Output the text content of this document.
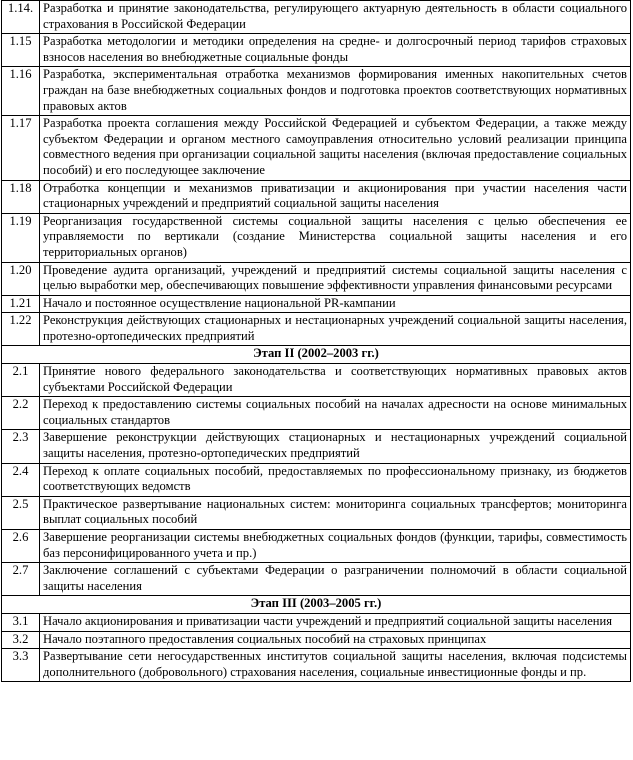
1.14.	Разработка и принятие законодательства, регулирующего актуарную деятельность в области социального страхования в Российской Федерации
1.15	Разработка методологии и методики определения на средне- и долгосрочный период тарифов страховых взносов населения во внебюджетные социальные фонды
1.16	Разработка, экспериментальная отработка механизмов формирования именных накопительных счетов граждан на базе внебюджетных социальных фондов и подготовка проектов соответствующих нормативных правовых актов
1.17	Разработка проекта соглашения между Российской Федерацией и субъектом Федерации, а также между субъектом Федерации и органом местного самоуправления относительно условий реализации принципа совместного ведения при организации социальной защиты населения (включая предоставление социальных пособий) и его последующее заключение
1.18	Отработка концепции и механизмов приватизации и акционирования при участии населения части стационарных учреждений и предприятий социальной защиты населения
1.19	Реорганизация государственной системы социальной защиты населения с целью обеспечения ее управляемости по вертикали (создание Министерства социальной защиты населения и его территориальных органов)
1.20	Проведение аудита организаций, учреждений и предприятий системы социальной защиты населения с целью выработки мер, обеспечивающих повышение эффективности управления финансовыми ресурсами
1.21	Начало и постоянное осуществление национальной PR-кампании
1.22	Реконструкция действующих стационарных и нестационарных учреждений социальной защиты населения, протезно-ортопедических предприятий
Этап II (2002–2003 гг.)	
2.1	Принятие нового федерального законодательства и соответствующих нормативных правовых актов субъектами Российской Федерации
2.2	Переход к предоставлению системы социальных пособий на началах адресности на основе минимальных социальных стандартов
2.3	Завершение реконструкции действующих стационарных и нестационарных учреждений социальной защиты населения, протезно-ортопедических предприятий
2.4	Переход к оплате социальных пособий, предоставляемых по профессиональному признаку, из бюджетов соответствующих ведомств
2.5	Практическое развертывание национальных систем: мониторинга социальных трансфертов; мониторинга выплат социальных пособий
2.6	Завершение реорганизации системы внебюджетных социальных фондов (функции, тарифы, совместимость баз персонифицированного учета и пр.)
2.7	Заключение соглашений с субъектами Федерации о разграничении полномочий в области социальной защиты населения
Этап III (2003–2005 гг.)	
3.1	Начало акционирования и приватизации части учреждений и предприятий социальной защиты населения
3.2	Начало поэтапного предоставления социальных пособий на страховых принципах
3.3	Развертывание сети негосударственных институтов социальной защиты населения, включая подсистемы дополнительного (добровольного) страхования населения, социальные инвестиционные фонды и пр.
